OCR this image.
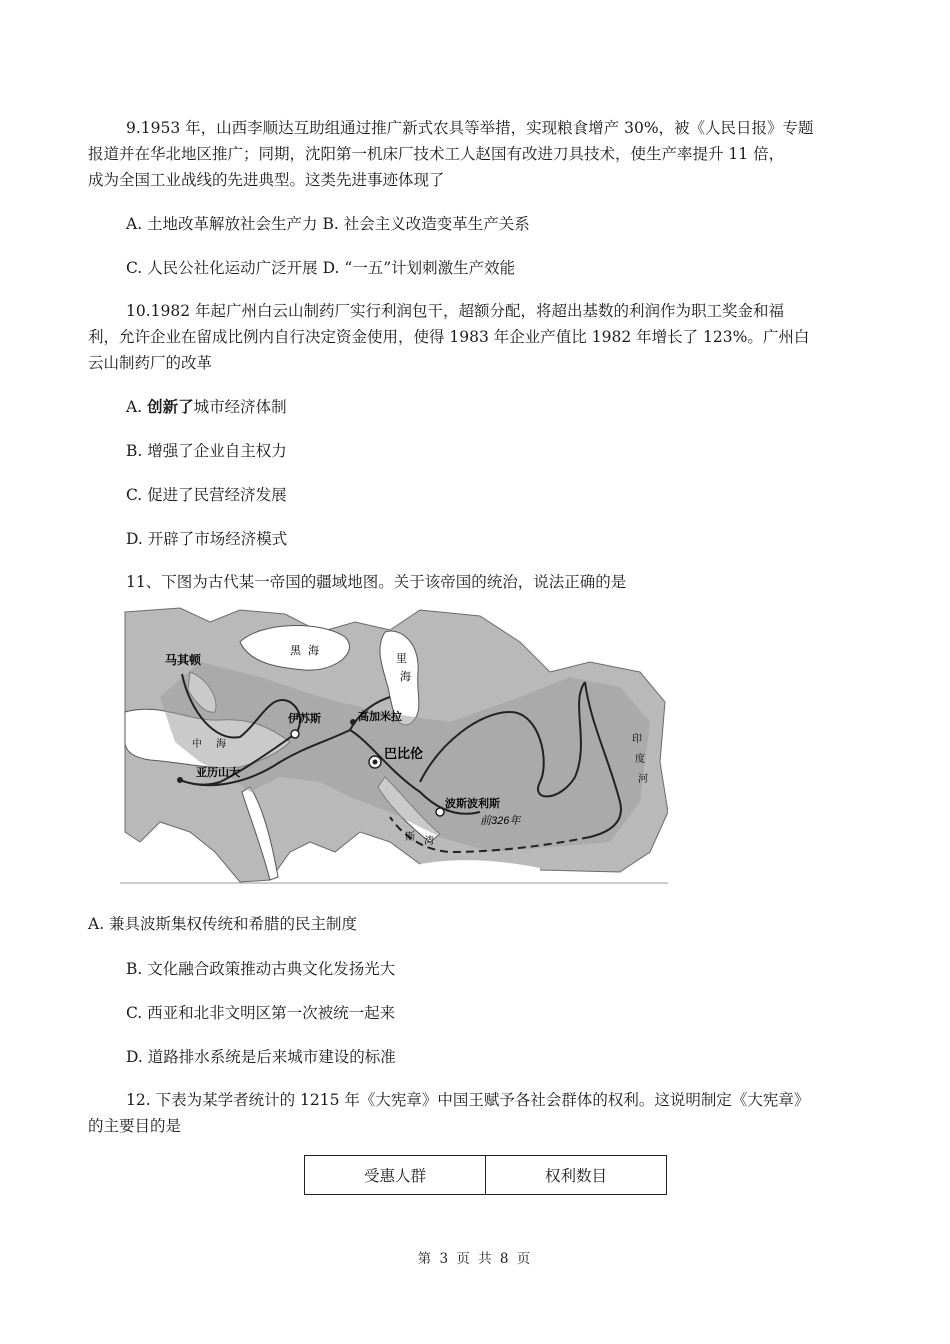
9.1953 年，山西李顺达互助组通过推广新式农具等举措，实现粮食增产 30%，被《人民日报》专题
报道并在华北地区推广；同期，沈阳第一机床厂技术工人赵国有改进刀具技术，使生产率提升 11 倍，
成为全国工业战线的先进典型。这类先进事迹体现了
A. 土地改革解放社会生产力 B. 社会主义改造变革生产关系
C. 人民公社化运动广泛开展 D. “一五”计划刺激生产效能
10.1982 年起广州白云山制药厂实行利润包干，超额分配，将超出基数的利润作为职工奖金和福
利，允许企业在留成比例内自行决定资金使用，使得 1983 年企业产值比 1982 年增长了 123%。广州白
云山制药厂的改革
A. 创新了城市经济体制
B. 增强了企业自主权力
C. 促进了民营经济发展
D. 开辟了市场经济模式
11、下图为古代某一帝国的疆域地图。关于该帝国的统治，说法正确的是
马其顿
黑 海
里
海
伊苏斯	高加米拉
巴比伦
亚历山大
波斯波利斯
前326年
中 海
斯 湾
印
度
河
A. 兼具波斯集权传统和希腊的民主制度
B. 文化融合政策推动古典文化发扬光大
C. 西亚和北非文明区第一次被统一起来
D. 道路排水系统是后来城市建设的标准
12. 下表为某学者统计的 1215 年《大宪章》中国王赋予各社会群体的权利。这说明制定《大宪章》
的主要目的是
受惠人群	权利数目
第 3 页 共 8 页
